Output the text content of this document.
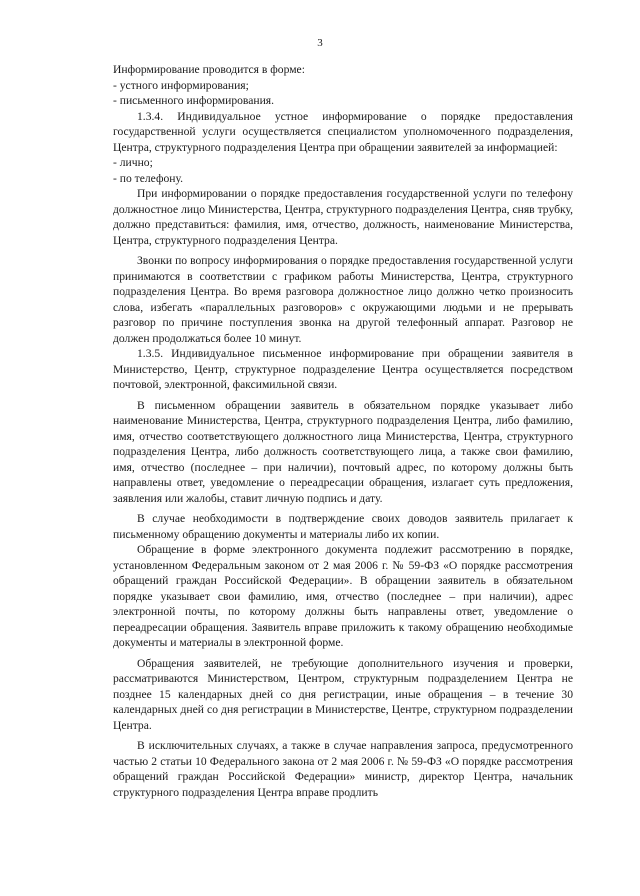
3

Информирование проводится в форме:

- устного информирования;

- письменного информирования.

1.3.4. Индивидуальное устное информирование о порядке предоставления государственной услуги осуществляется специалистом уполномоченного подразделения, Центра, структурного подразделения Центра при обращении заявителей за информацией:

- лично;

- по телефону.

При информировании о порядке предоставления государственной услуги по телефону должностное лицо Министерства, Центра, структурного подразделения Центра, сняв трубку, должно представиться: фамилия, имя, отчество, должность, наименование Министерства, Центра, структурного подразделения Центра.

Звонки по вопросу информирования о порядке предоставления государственной услуги принимаются в соответствии с графиком работы Министерства, Центра, структурного подразделения Центра. Во время разговора должностное лицо должно четко произносить слова, избегать «параллельных разговоров» с окружающими людьми и не прерывать разговор по причине поступления звонка на другой телефонный аппарат. Разговор не должен продолжаться более 10 минут.

1.3.5. Индивидуальное письменное информирование при обращении заявителя в Министерство, Центр, структурное подразделение Центра осуществляется посредством почтовой, электронной, факсимильной связи.

В письменном обращении заявитель в обязательном порядке указывает либо наименование Министерства, Центра, структурного подразделения Центра, либо фамилию, имя, отчество соответствующего должностного лица Министерства, Центра, структурного подразделения Центра, либо должность соответствующего лица, а также свои фамилию, имя, отчество (последнее – при наличии), почтовый адрес, по которому должны быть направлены ответ, уведомление о переадресации обращения, излагает суть предложения, заявления или жалобы, ставит личную подпись и дату.

В случае необходимости в подтверждение своих доводов заявитель прилагает к письменному обращению документы и материалы либо их копии.

Обращение в форме электронного документа подлежит рассмотрению в порядке, установленном Федеральным законом от 2 мая 2006 г. № 59-ФЗ «О порядке рассмотрения обращений граждан Российской Федерации». В обращении заявитель в обязательном порядке указывает свои фамилию, имя, отчество (последнее – при наличии), адрес электронной почты, по которому должны быть направлены ответ, уведомление о переадресации обращения. Заявитель вправе приложить к такому обращению необходимые документы и материалы в электронной форме.

Обращения заявителей, не требующие дополнительного изучения и проверки, рассматриваются Министерством, Центром, структурным подразделением Центра не позднее 15 календарных дней со дня регистрации, иные обращения – в течение 30 календарных дней со дня регистрации в Министерстве, Центре, структурном подразделении Центра.

В исключительных случаях, а также в случае направления запроса, предусмотренного частью 2 статьи 10 Федерального закона от 2 мая 2006 г. № 59-ФЗ «О порядке рассмотрения обращений граждан Российской Федерации» министр, директор Центра, начальник структурного подразделения Центра вправе продлить
